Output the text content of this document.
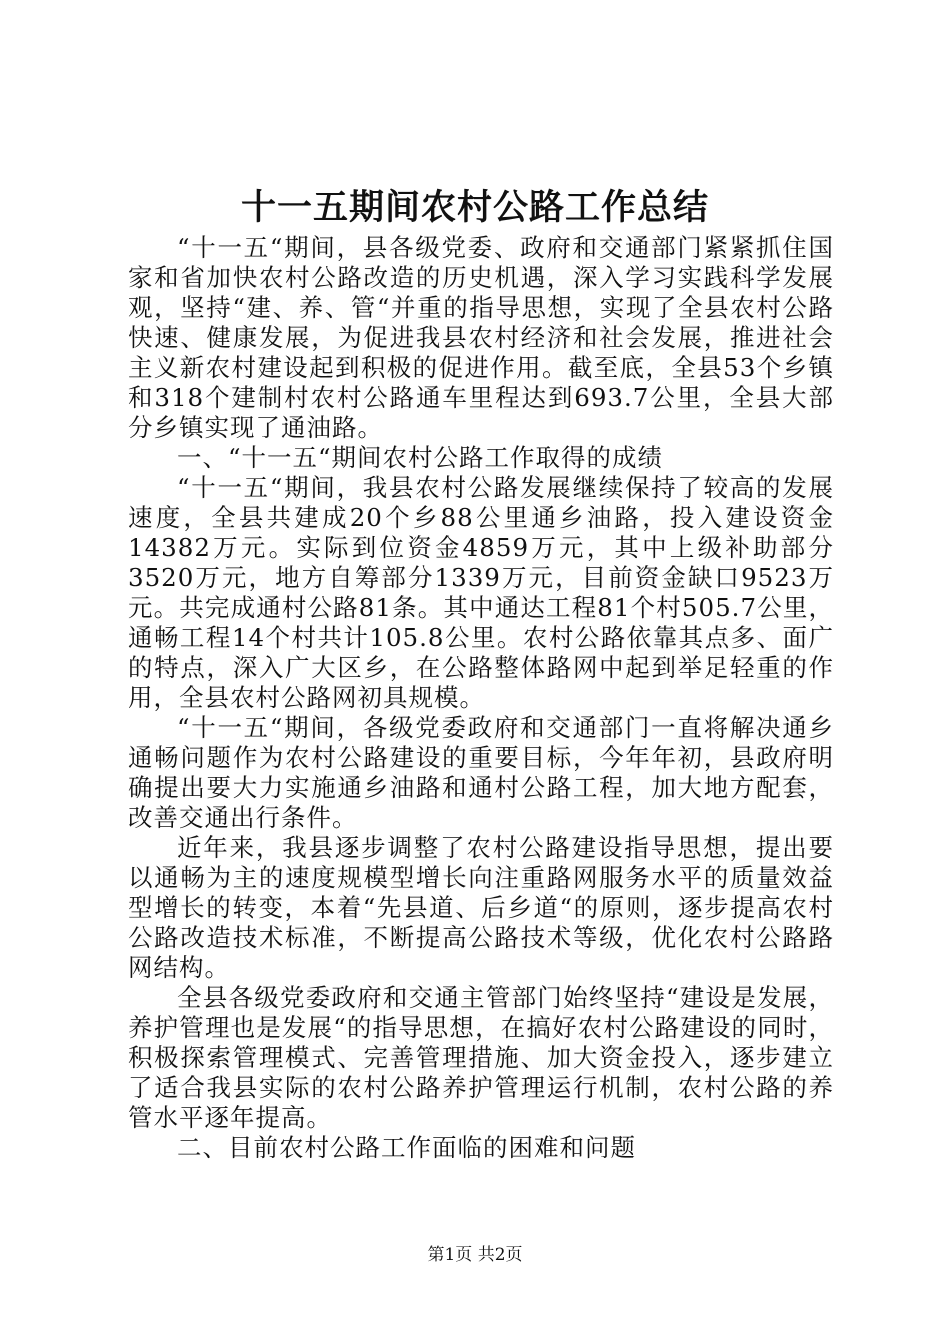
十一五期间农村公路工作总结

“十一五“期间，县各级党委、政府和交通部门紧紧抓住国家和省加快农村公路改造的历史机遇，深入学习实践科学发展观，坚持“建、养、管“并重的指导思想，实现了全县农村公路快速、健康发展，为促进我县农村经济和社会发展，推进社会主义新农村建设起到积极的促进作用。截至底，全县53个乡镇和318个建制村农村公路通车里程达到693.7公里，全县大部分乡镇实现了通油路。

一、“十一五“期间农村公路工作取得的成绩

“十一五“期间，我县农村公路发展继续保持了较高的发展速度，全县共建成20个乡88公里通乡油路，投入建设资金14382万元。实际到位资金4859万元，其中上级补助部分3520万元，地方自筹部分1339万元，目前资金缺口9523万元。共完成通村公路81条。其中通达工程81个村505.7公里，通畅工程14个村共计105.8公里。农村公路依靠其点多、面广的特点，深入广大区乡，在公路整体路网中起到举足轻重的作用，全县农村公路网初具规模。

“十一五“期间，各级党委政府和交通部门一直将解决通乡通畅问题作为农村公路建设的重要目标，今年年初，县政府明确提出要大力实施通乡油路和通村公路工程，加大地方配套，改善交通出行条件。

近年来，我县逐步调整了农村公路建设指导思想，提出要以通畅为主的速度规模型增长向注重路网服务水平的质量效益型增长的转变，本着“先县道、后乡道“的原则，逐步提高农村公路改造技术标准，不断提高公路技术等级，优化农村公路路网结构。

全县各级党委政府和交通主管部门始终坚持“建设是发展，养护管理也是发展“的指导思想，在搞好农村公路建设的同时，积极探索管理模式、完善管理措施、加大资金投入，逐步建立了适合我县实际的农村公路养护管理运行机制，农村公路的养管水平逐年提高。

二、目前农村公路工作面临的困难和问题

第1页 共2页
